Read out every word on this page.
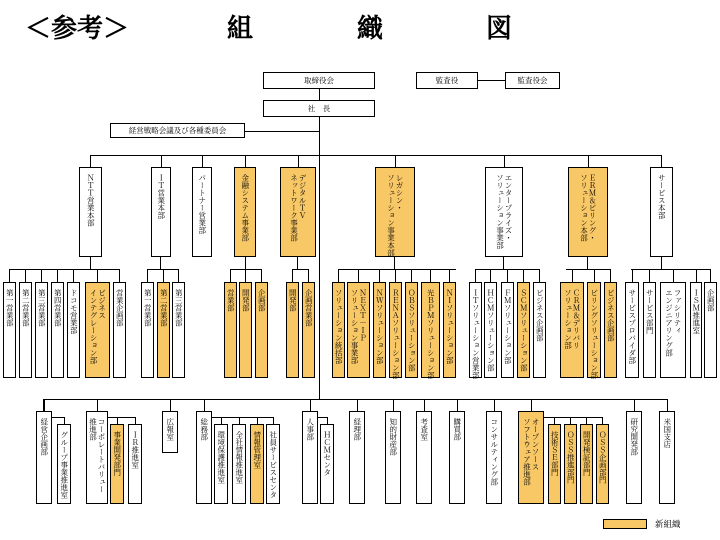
＜参考＞	組	織	図
取締役会	監査役	監査役会
社　長
経営戦略会議及び各種委員会
ＮＴＴ営業本部	ＩＴ営業本部	パートナー営業部	金融システム事業部	デジタルＴＶ
ネットワーク事業部	レガシン・
ソリューション事業本部	エンタープライズ・
ソリューション事業部	ＥＲＭ＆ビリング・
ソリューション本部	サービス本部
第一営業部 第二営業部 第三営業部 第四営業部 ドコモ営業部	ビジネス
インテグレーション部 営業企画部	第一営業部 第二営業部 第三営業部	営業部 開発部 企画部	開発部 企画営業部	ソリューション統括部 ＮＥＸＴ－ＩＰ
ソリューション事業部 ＮＷソリューション部 ＲＥＮＡソリューション部 ＯＢＳソリューション部 光ＢＰＭソリューション部 ＮＩソリューション部 ＩＴソリューション営業部 ＨＣＭソリューション部 ＦＭソリューション部 ＳＣＭソリューション部 ビジネス企画部	ＣＲＭ＆デリバリ
ソリューション部 ビリングソリューション部 ビジネス企画部 サービスプロバイダ部 サービス部門	ファシリティ
エンジニアリング部 ＩＳＭ推進室 企画部
経営企画部 グループ事業推進室	コーポレートバリュー
推進部
事業開発部門 ＩＲ推進室
広報室	総務部
環境保護推進室 全社情報推進室 情報管理室 社員サービスセンタ
人事部
ＨＣＭセンタ
経理部	知的財産部	考査室	購買部	コンサルティング部	オープンソース
ソフトウェア推進部	技術ＳＥ部門 ＯＳＳ推進部門 開発検証部門 ＯＳＳ企画部門	研究開発部	米国支店
新組織
